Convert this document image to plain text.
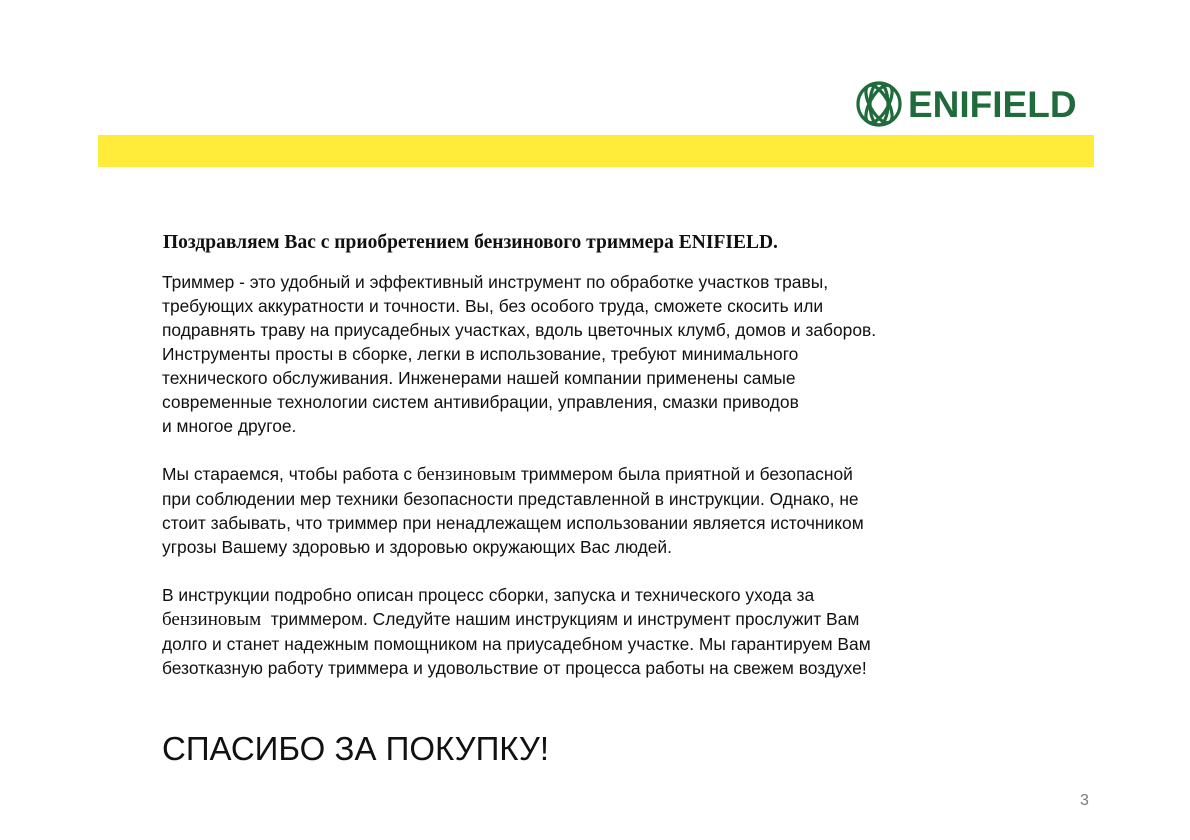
ENIFIELD
Поздравляем Вас с приобретением бензинового триммера ENIFIELD.

Триммер - это удобный и эффективный инструмент по обработке участков травы,
требующих аккуратности и точности. Вы, без особого труда, сможете скосить или
подравнять траву на приусадебных участках, вдоль цветочных клумб, домов и заборов.
Инструменты просты в сборке, легки в использование, требуют минимального
технического обслуживания. Инженерами нашей компании применены самые
современные технологии систем антивибрации, управления, смазки приводов
и многое другое.

Мы стараемся, чтобы работа с бензиновым триммером была приятной и безопасной
при соблюдении мер техники безопасности представленной в инструкции. Однако, не
стоит забывать, что триммер при ненадлежащем использовании является источником
угрозы Вашему здоровью и здоровью окружающих Вас людей.

В инструкции подробно описан процесс сборки, запуска и технического ухода за
бензиновым  триммером. Следуйте нашим инструкциям и инструмент прослужит Вам
долго и станет надежным помощником на приусадебном участке. Мы гарантируем Вам
безотказную работу триммера и удовольствие от процесса работы на свежем воздухе!

СПАСИБО ЗА ПОКУПКУ!
3
